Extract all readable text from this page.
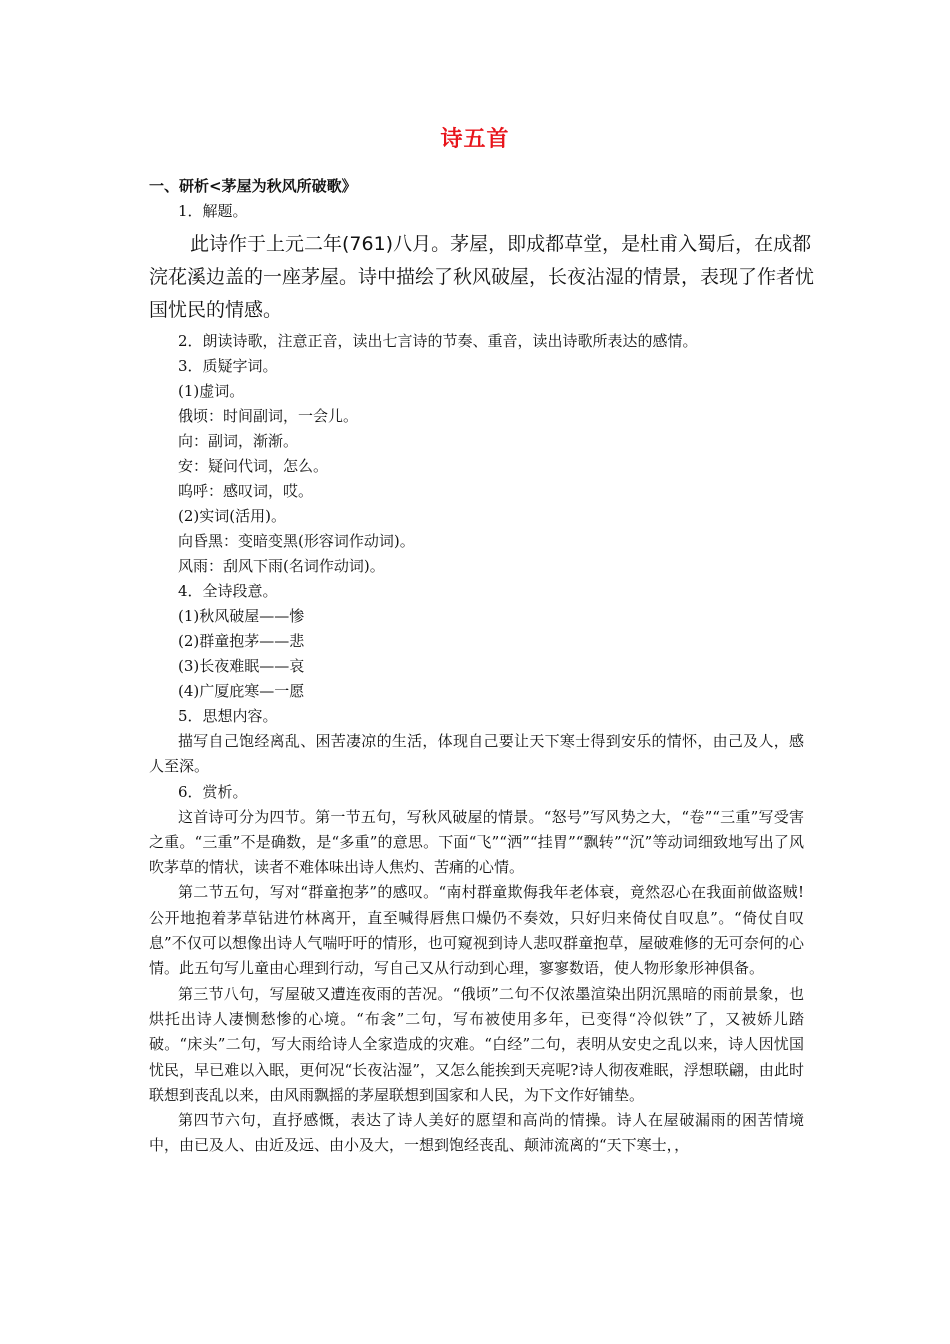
诗五首
一、研析<茅屋为秋风所破歌》
1．解题。
此诗作于上元二年(761)八月。茅屋，即成都草堂，是杜甫入蜀后，在成都
浣花溪边盖的一座茅屋。诗中描绘了秋风破屋，长夜沾湿的情景，表现了作者忧
国忧民的情感。
2．朗读诗歌，注意正音，读出七言诗的节奏、重音，读出诗歌所表达的感情。
3．质疑字词。
(1)虚词。
俄顷：时间副词，一会儿。
向：副词，渐渐。
安：疑问代词，怎么。
呜呼：感叹词，哎。
(2)实词(活用)。
向昏黑：变暗变黑(形容词作动词)。
风雨：刮风下雨(名词作动词)。
4．全诗段意。
(1)秋风破屋——惨
(2)群童抱茅——悲
(3)长夜难眠——哀
(4)广厦庇寒—一愿
5．思想内容。

描写自己饱经离乱、困苦凄凉的生活，体现自己要让天下寒士得到安乐的情怀，由己及人，感人至深。

6．赏析。

这首诗可分为四节。第一节五句，写秋风破屋的情景。“怒号”写风势之大，“卷”“三重”写受害之重。“三重”不是确数，是“多重”的意思。下面“飞”“洒”“挂胃”“飘转”“沉”等动词细致地写出了风吹茅草的情状，读者不难体味出诗人焦灼、苦痛的心情。

第二节五句，写对“群童抱茅”的感叹。“南村群童欺侮我年老体衰，竟然忍心在我面前做盗贼!公开地抱着茅草钻进竹林离开，直至喊得唇焦口燥仍不奏效，只好归来倚仗自叹息”。“倚仗自叹息”不仅可以想像出诗人气喘吁吁的情形，也可窥视到诗人悲叹群童抱草，屋破难修的无可奈何的心情。此五句写儿童由心理到行动，写自己又从行动到心理，寥寥数语，使人物形象形神俱备。

第三节八句，写屋破又遭连夜雨的苦况。“俄顷”二句不仅浓墨渲染出阴沉黑暗的雨前景象，也烘托出诗人凄恻愁惨的心境。“布衾”二句，写布被使用多年，已变得“冷似铁”了，又被娇儿踏破。“床头”二句，写大雨给诗人全家造成的灾难。“白经”二句，表明从安史之乱以来，诗人因忧国忧民，早已难以入眠，更何况“长夜沾湿”，又怎么能挨到天亮呢?诗人彻夜难眠，浮想联翩，由此时联想到丧乱以来，由风雨飘摇的茅屋联想到国家和人民，为下文作好铺垫。

第四节六句，直抒感慨，表达了诗人美好的愿望和高尚的情操。诗人在屋破漏雨的困苦情境中，由已及人、由近及远、由小及大，一想到饱经丧乱、颠沛流离的“天下寒士，，
